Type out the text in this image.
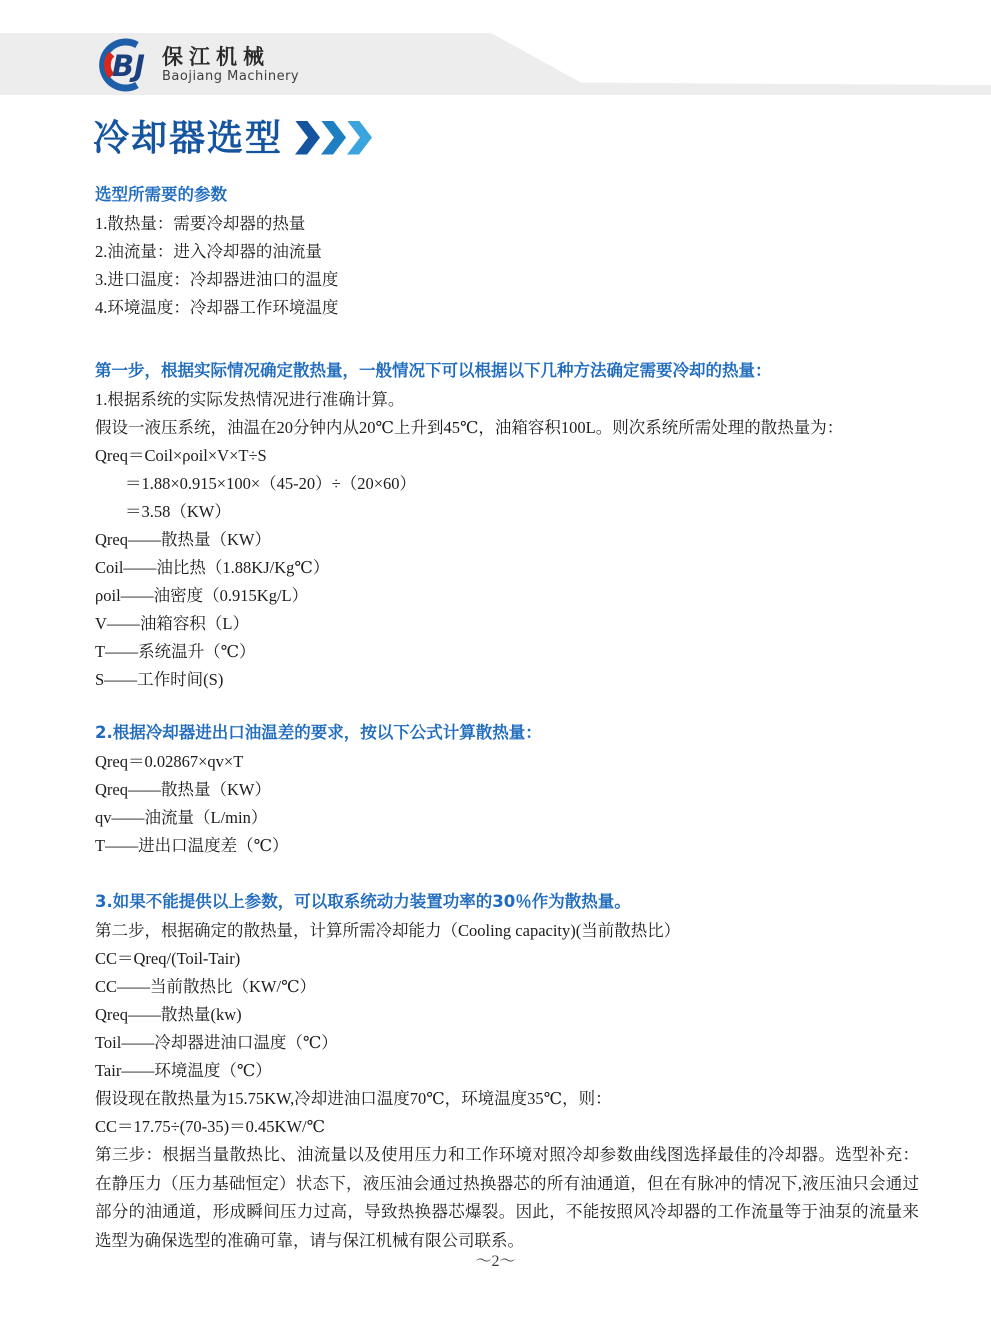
BJ 保江机械
Baojiang Machinery
冷却器选型
选型所需要的参数
1.散热量：需要冷却器的热量
2.油流量：进入冷却器的油流量
3.进口温度：冷却器进油口的温度
4.环境温度：冷却器工作环境温度
第一步，根据实际情况确定散热量，一般情况下可以根据以下几种方法确定需要冷却的热量：
1.根据系统的实际发热情况进行准确计算。
假设一液压系统，油温在20分钟内从20℃上升到45℃，油箱容积100L。则次系统所需处理的散热量为：
Qreq＝Coil×ρoil×V×T÷S
＝1.88×0.915×100×（45-20）÷（20×60）
＝3.58（KW）
Qreq——散热量（KW）
Coil——油比热（1.88KJ/Kg℃）
ρoil——油密度（0.915Kg/L）
V——油箱容积（L）
T——系统温升（℃）
S——工作时间(S)
2.根据冷却器进出口油温差的要求，按以下公式计算散热量：
Qreq＝0.02867×qv×T
Qreq——散热量（KW）
qv——油流量（L/min）
T——进出口温度差（℃）
3.如果不能提供以上参数，可以取系统动力装置功率的30％作为散热量。
第二步，根据确定的散热量，计算所需冷却能力（Cooling capacity)(当前散热比）
CC＝Qreq/(Toil-Tair)
CC——当前散热比（KW/℃）
Qreq——散热量(kw)
Toil——冷却器进油口温度（℃）
Tair——环境温度（℃）
假设现在散热量为15.75KW,冷却进油口温度70℃，环境温度35℃，则：
CC＝17.75÷(70-35)＝0.45KW/℃
第三步：根据当量散热比、油流量以及使用压力和工作环境对照冷却参数曲线图选择最佳的冷却器。选型补充：在静压力（压力基础恒定）状态下，液压油会通过热换器芯的所有油通道，但在有脉冲的情况下,液压油只会通过部分的油通道，形成瞬间压力过高，导致热换器芯爆裂。因此，不能按照风冷却器的工作流量等于油泵的流量来选型为确保选型的准确可靠，请与保江机械有限公司联系。
～2～
